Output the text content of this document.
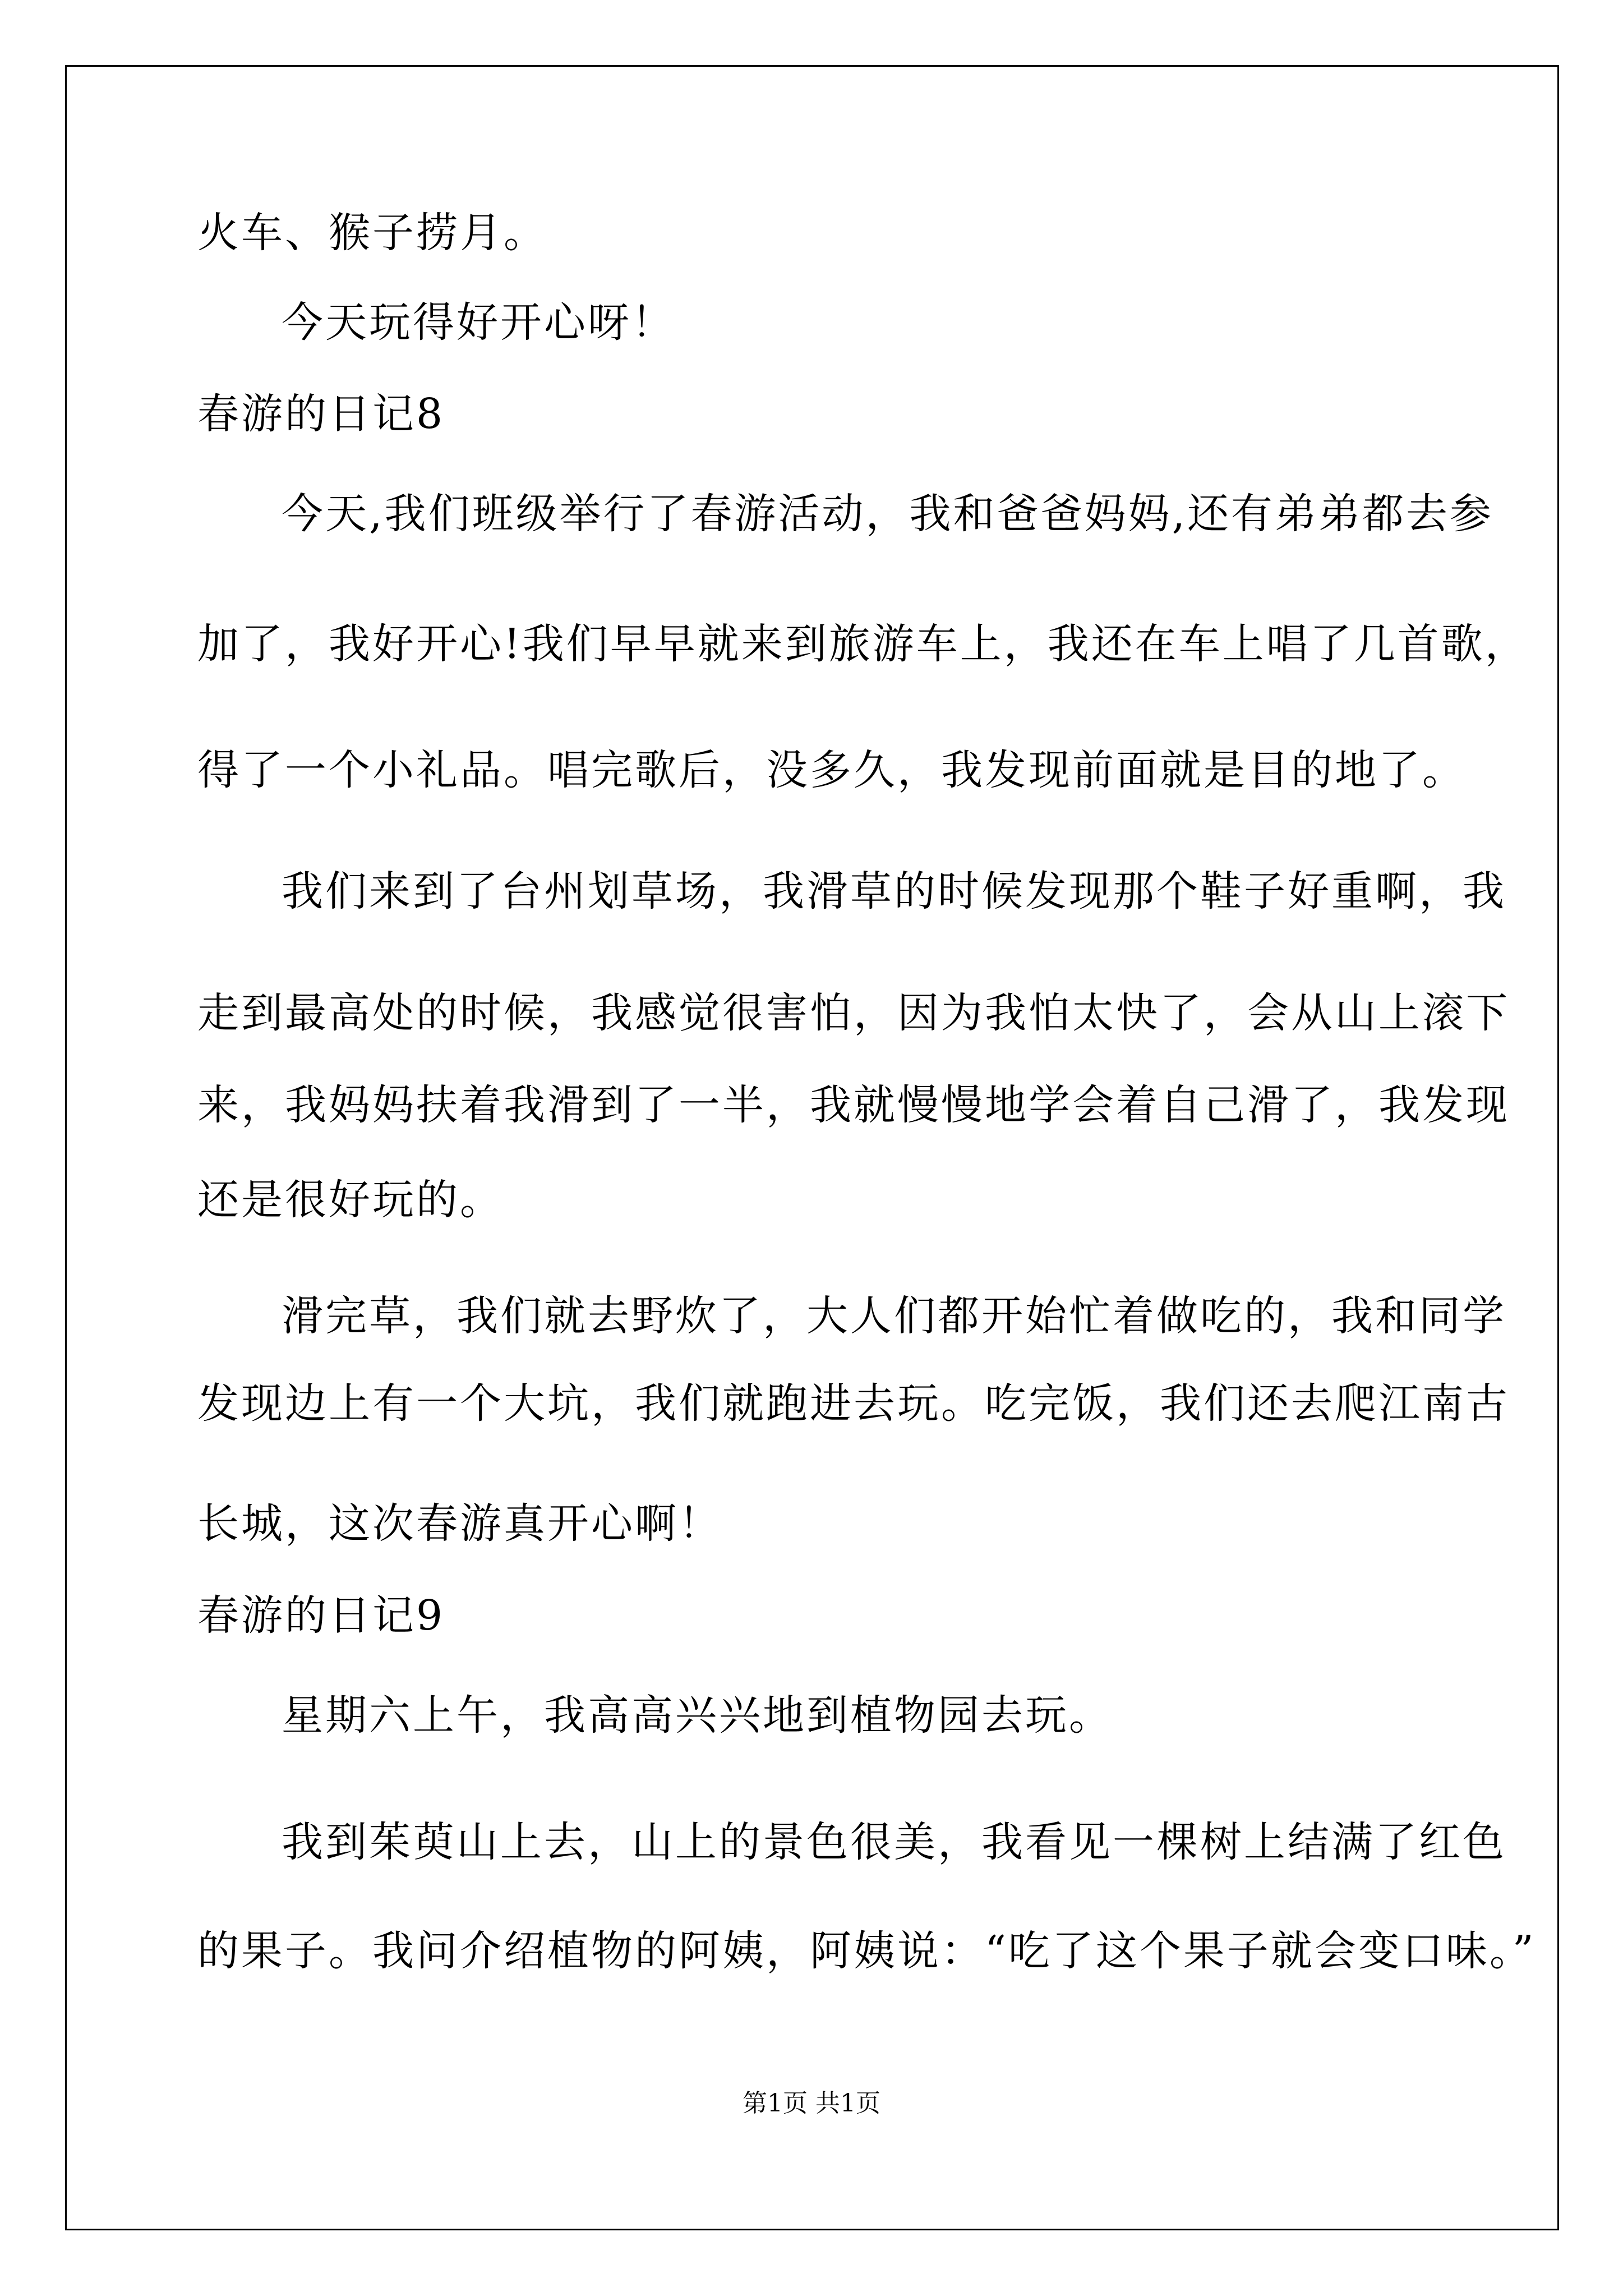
火车、猴子捞月。
今天玩得好开心呀！
春游的日记8
今天,我们班级举行了春游活动，我和爸爸妈妈,还有弟弟都去参
加了，我好开心!我们早早就来到旅游车上，我还在车上唱了几首歌，
得了一个小礼品。唱完歌后，没多久，我发现前面就是目的地了。
我们来到了台州划草场，我滑草的时候发现那个鞋子好重啊，我
走到最高处的时候，我感觉很害怕，因为我怕太快了，会从山上滚下
来，我妈妈扶着我滑到了一半，我就慢慢地学会着自己滑了，我发现
还是很好玩的。
滑完草，我们就去野炊了，大人们都开始忙着做吃的，我和同学
发现边上有一个大坑，我们就跑进去玩。吃完饭，我们还去爬江南古
长城，这次春游真开心啊！
春游的日记9
星期六上午，我高高兴兴地到植物园去玩。
我到茱萸山上去，山上的景色很美，我看见一棵树上结满了红色
的果子。我问介绍植物的阿姨，阿姨说：“吃了这个果子就会变口味。”
第1页 共1页
